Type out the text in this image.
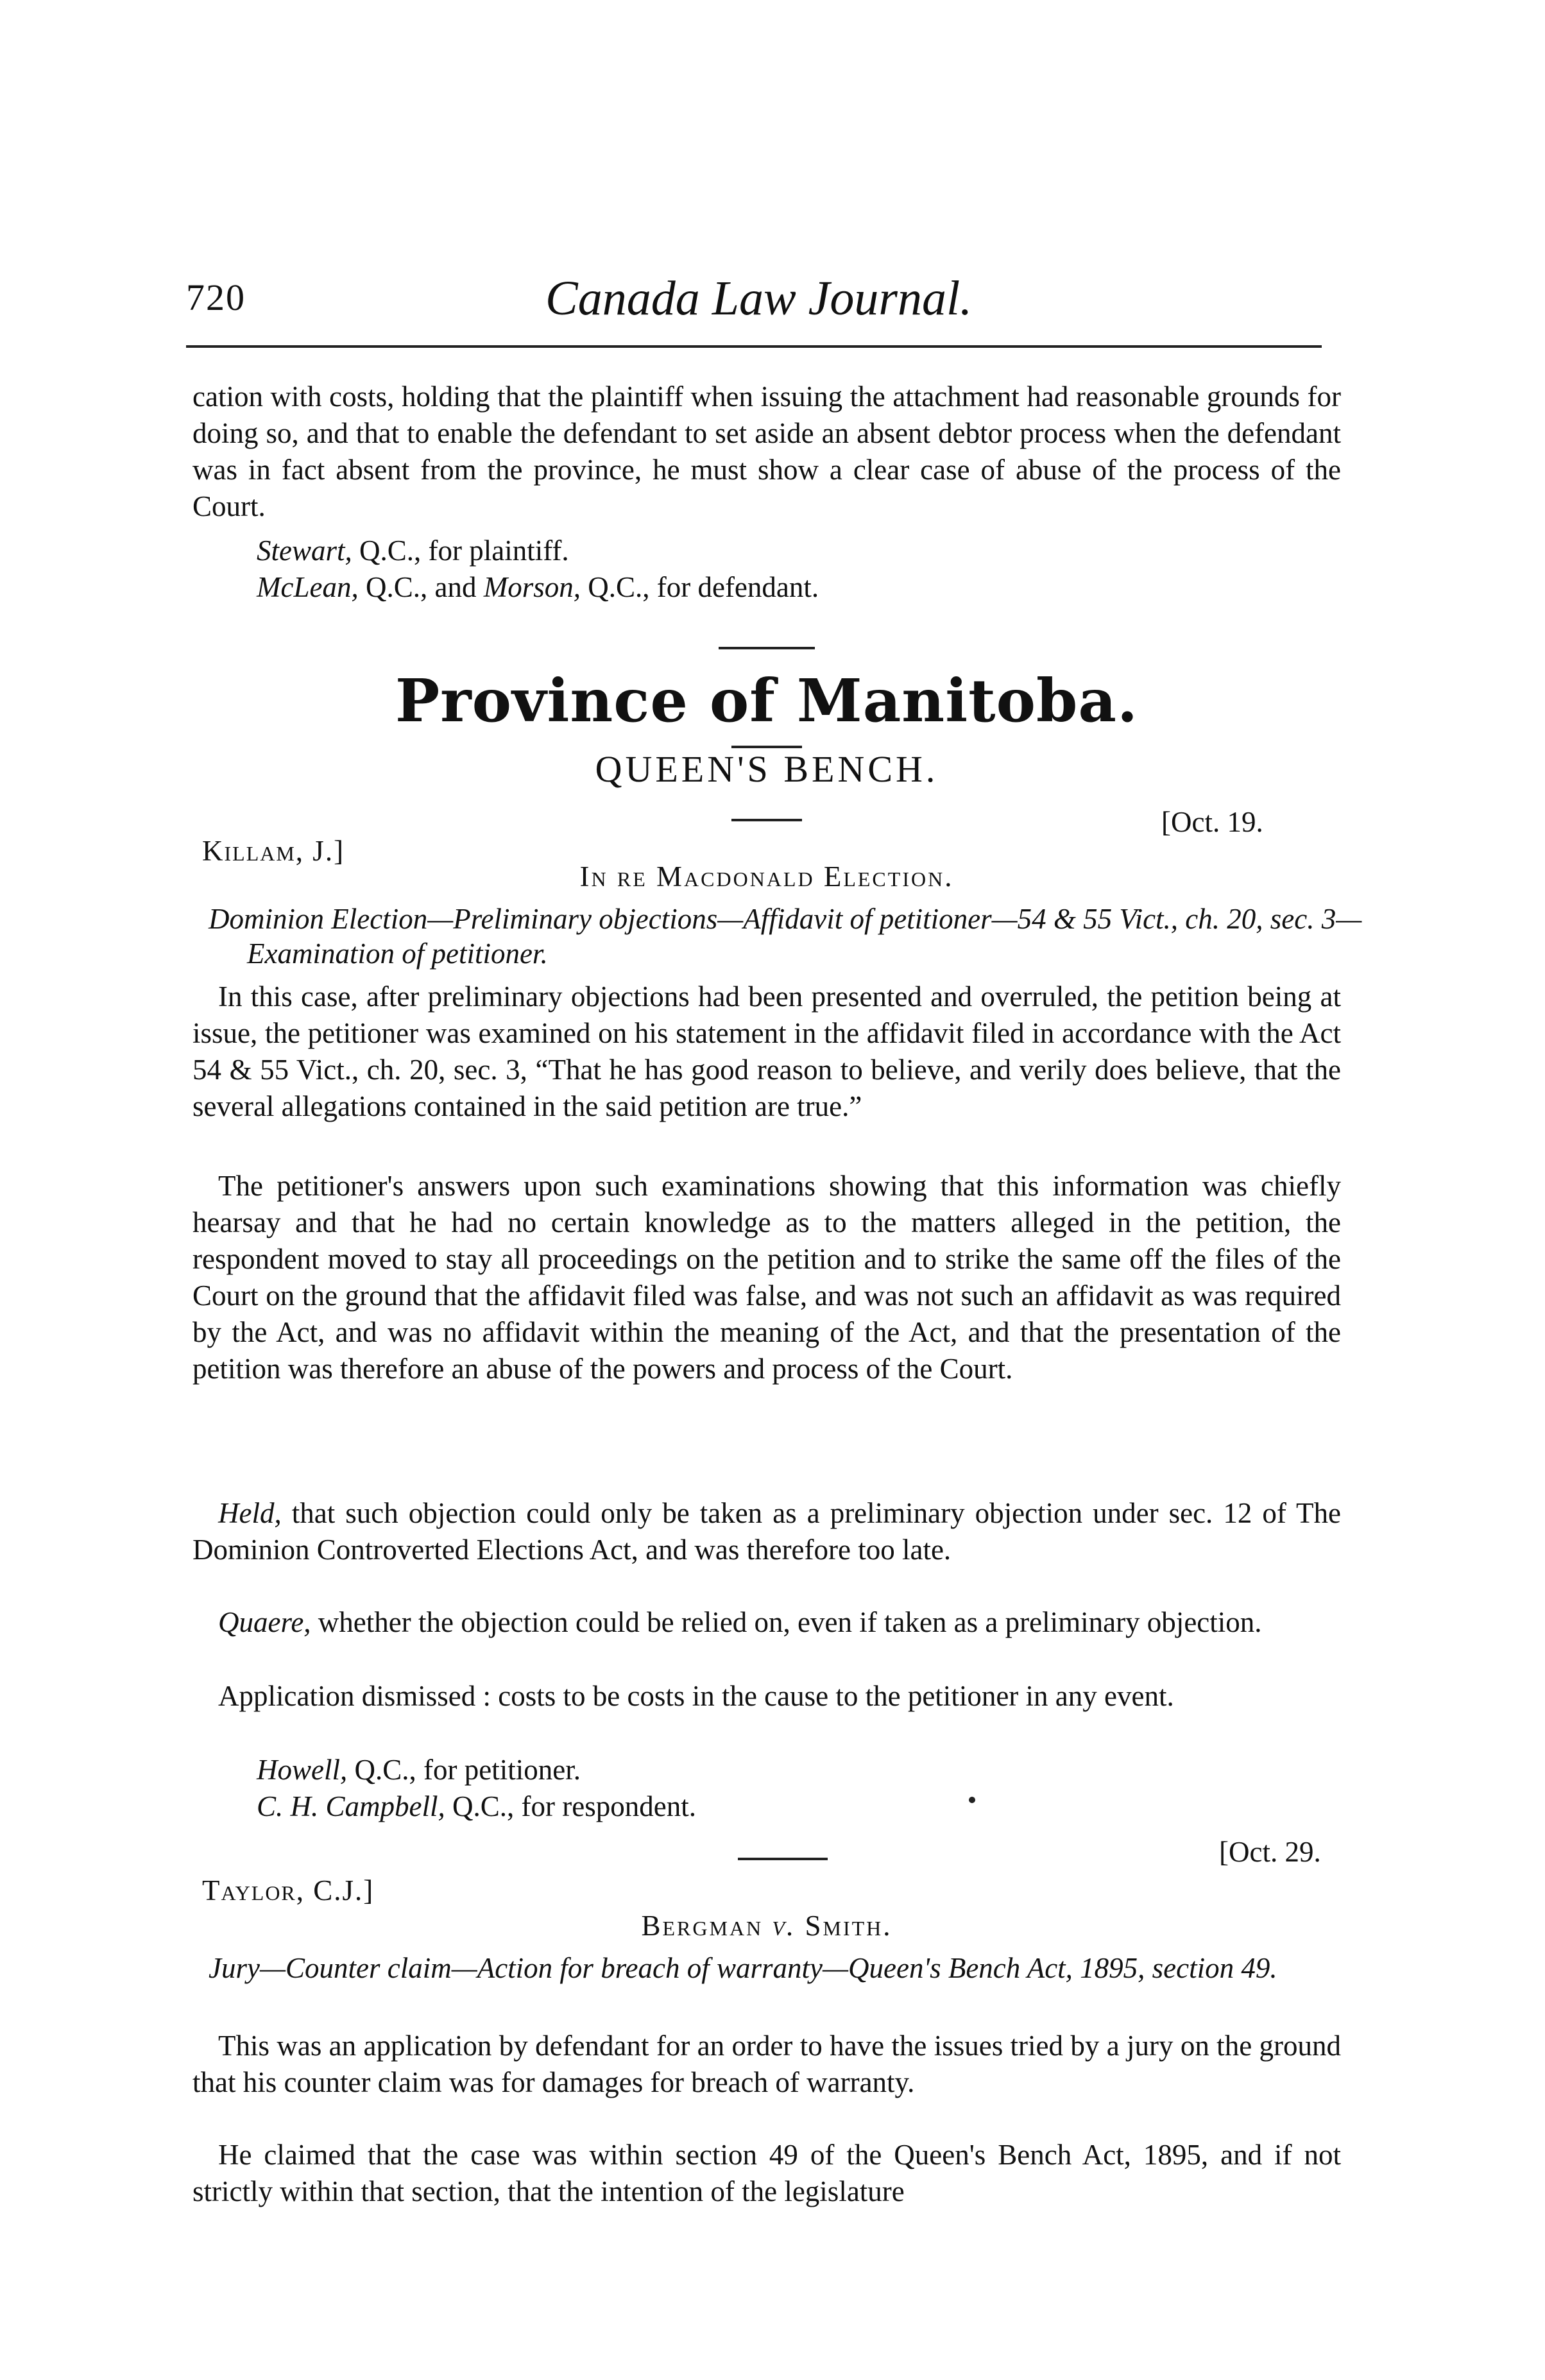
720	Canada Law Journal.

cation with costs, holding that the plaintiff when issuing the attachment had reasonable grounds for doing so, and that to enable the defendant to set aside an absent debtor process when the defendant was in fact absent from the province, he must show a clear case of abuse of the process of the Court.

Stewart, Q.C., for plaintiff.

McLean, Q.C., and Morson, Q.C., for defendant.

Province of Manitoba.
QUEEN'S BENCH.
Killam, J.]
[Oct. 19.
In re Macdonald Election.

Dominion Election—Preliminary objections—Affidavit of petitioner—54 & 55 Vict., ch. 20, sec. 3—Examination of petitioner.

In this case, after preliminary objections had been presented and overruled, the petition being at issue, the petitioner was examined on his statement in the affidavit filed in accordance with the Act 54 & 55 Vict., ch. 20, sec. 3, “That he has good reason to believe, and verily does believe, that the several allegations contained in the said petition are true.”

The petitioner's answers upon such examinations showing that this information was chiefly hearsay and that he had no certain knowledge as to the matters alleged in the petition, the respondent moved to stay all proceedings on the petition and to strike the same off the files of the Court on the ground that the affidavit filed was false, and was not such an affidavit as was required by the Act, and was no affidavit within the meaning of the Act, and that the presentation of the petition was therefore an abuse of the powers and process of the Court.

Held, that such objection could only be taken as a preliminary objection under sec. 12 of The Dominion Controverted Elections Act, and was therefore too late.

Quaere, whether the objection could be relied on, even if taken as a preliminary objection.

Application dismissed : costs to be costs in the cause to the petitioner in any event.

Howell, Q.C., for petitioner.

C. H. Campbell, Q.C., for respondent.

Taylor, C.J.]
[Oct. 29.
Bergman v. Smith.

Jury—Counter claim—Action for breach of warranty—Queen's Bench Act, 1895, section 49.

This was an application by defendant for an order to have the issues tried by a jury on the ground that his counter claim was for damages for breach of warranty.

He claimed that the case was within section 49 of the Queen's Bench Act, 1895, and if not strictly within that section, that the intention of the legislature
